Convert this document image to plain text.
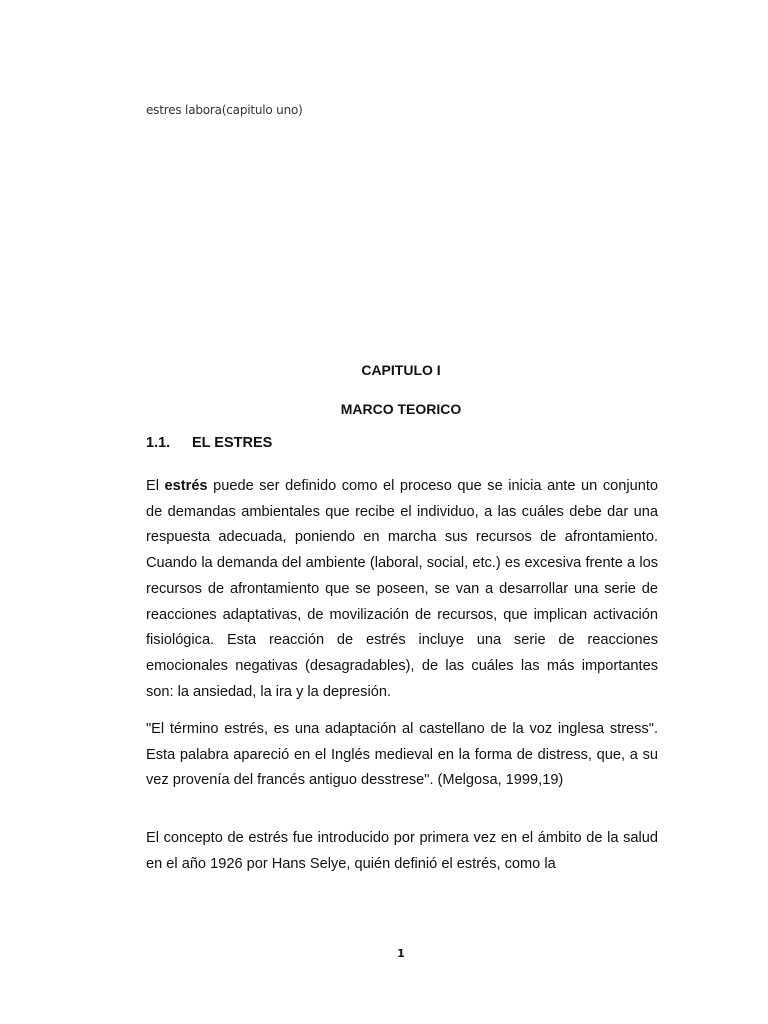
estres labora(capitulo uno)
CAPITULO I
MARCO TEORICO
1.1. EL ESTRES
El estrés puede ser definido como el proceso que se inicia ante un conjunto de demandas ambientales que recibe el individuo, a las cuáles debe dar una respuesta adecuada, poniendo en marcha sus recursos de afrontamiento. Cuando la demanda del ambiente (laboral, social, etc.) es excesiva frente a los recursos de afrontamiento que se poseen, se van a desarrollar una serie de reacciones adaptativas, de movilización de recursos, que implican activación fisiológica. Esta reacción de estrés incluye una serie de reacciones emocionales negativas (desagradables), de las cuáles las más importantes son: la ansiedad, la ira y la depresión.
"El término estrés, es una adaptación al castellano de la voz inglesa stress". Esta palabra apareció en el Inglés medieval en la forma de distress, que, a su vez provenía del francés antiguo desstrese". (Melgosa, 1999,19)
El concepto de estrés fue introducido por primera vez en el ámbito de la salud en el año 1926 por Hans Selye, quién definió el estrés, como la
1
